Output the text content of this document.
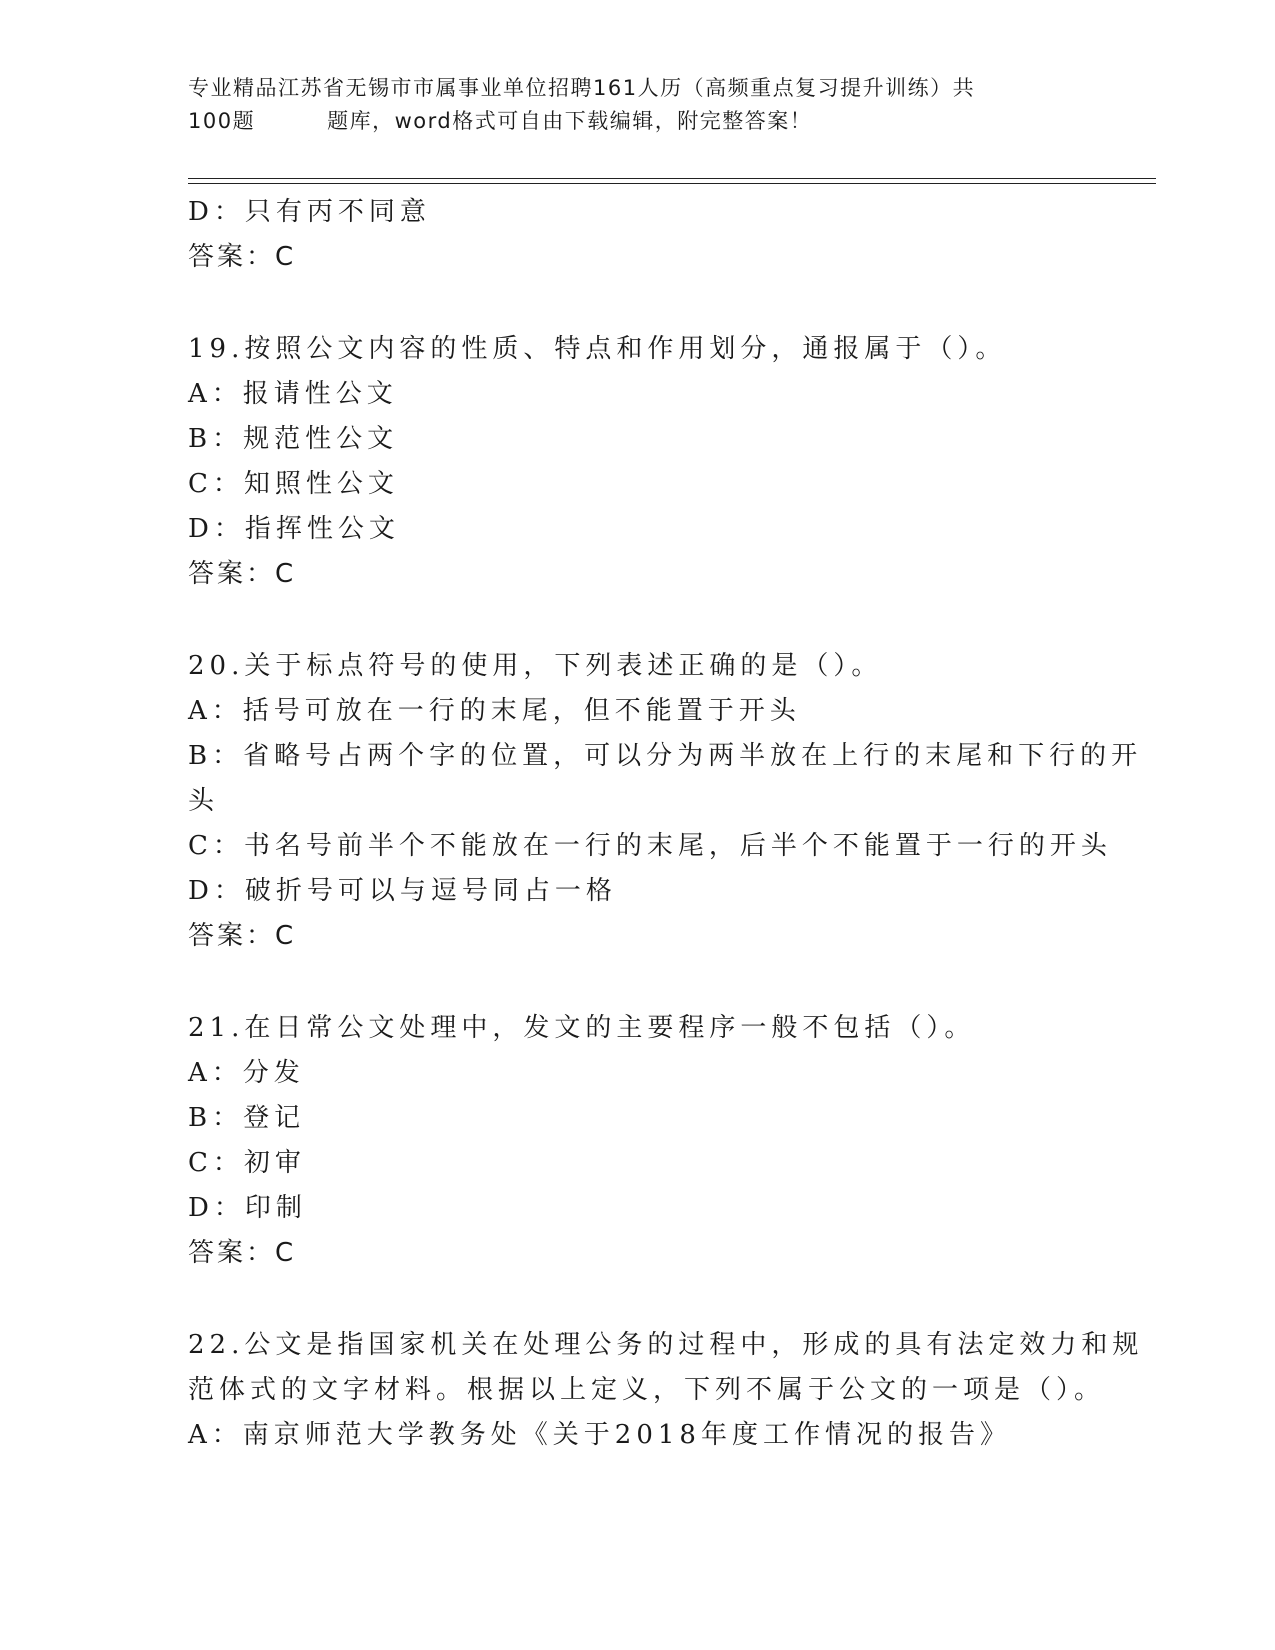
专业精品江苏省无锡市市属事业单位招聘161人历（高频重点复习提升训练）共
100题	题库，word格式可自由下载编辑，附完整答案！
D：只有丙不同意
答案：C
19.按照公文内容的性质、特点和作用划分，通报属于（）。
A：报请性公文
B：规范性公文
C：知照性公文
D：指挥性公文
答案：C
20.关于标点符号的使用，下列表述正确的是（）。
A：括号可放在一行的末尾，但不能置于开头
B：省略号占两个字的位置，可以分为两半放在上行的末尾和下行的开
头
C：书名号前半个不能放在一行的末尾，后半个不能置于一行的开头
D：破折号可以与逗号同占一格
答案：C
21.在日常公文处理中，发文的主要程序一般不包括（）。
A：分发
B：登记
C：初审
D：印制
答案：C
22.公文是指国家机关在处理公务的过程中，形成的具有法定效力和规
范体式的文字材料。根据以上定义，下列不属于公文的一项是（）。
A：南京师范大学教务处《关于2018年度工作情况的报告》
